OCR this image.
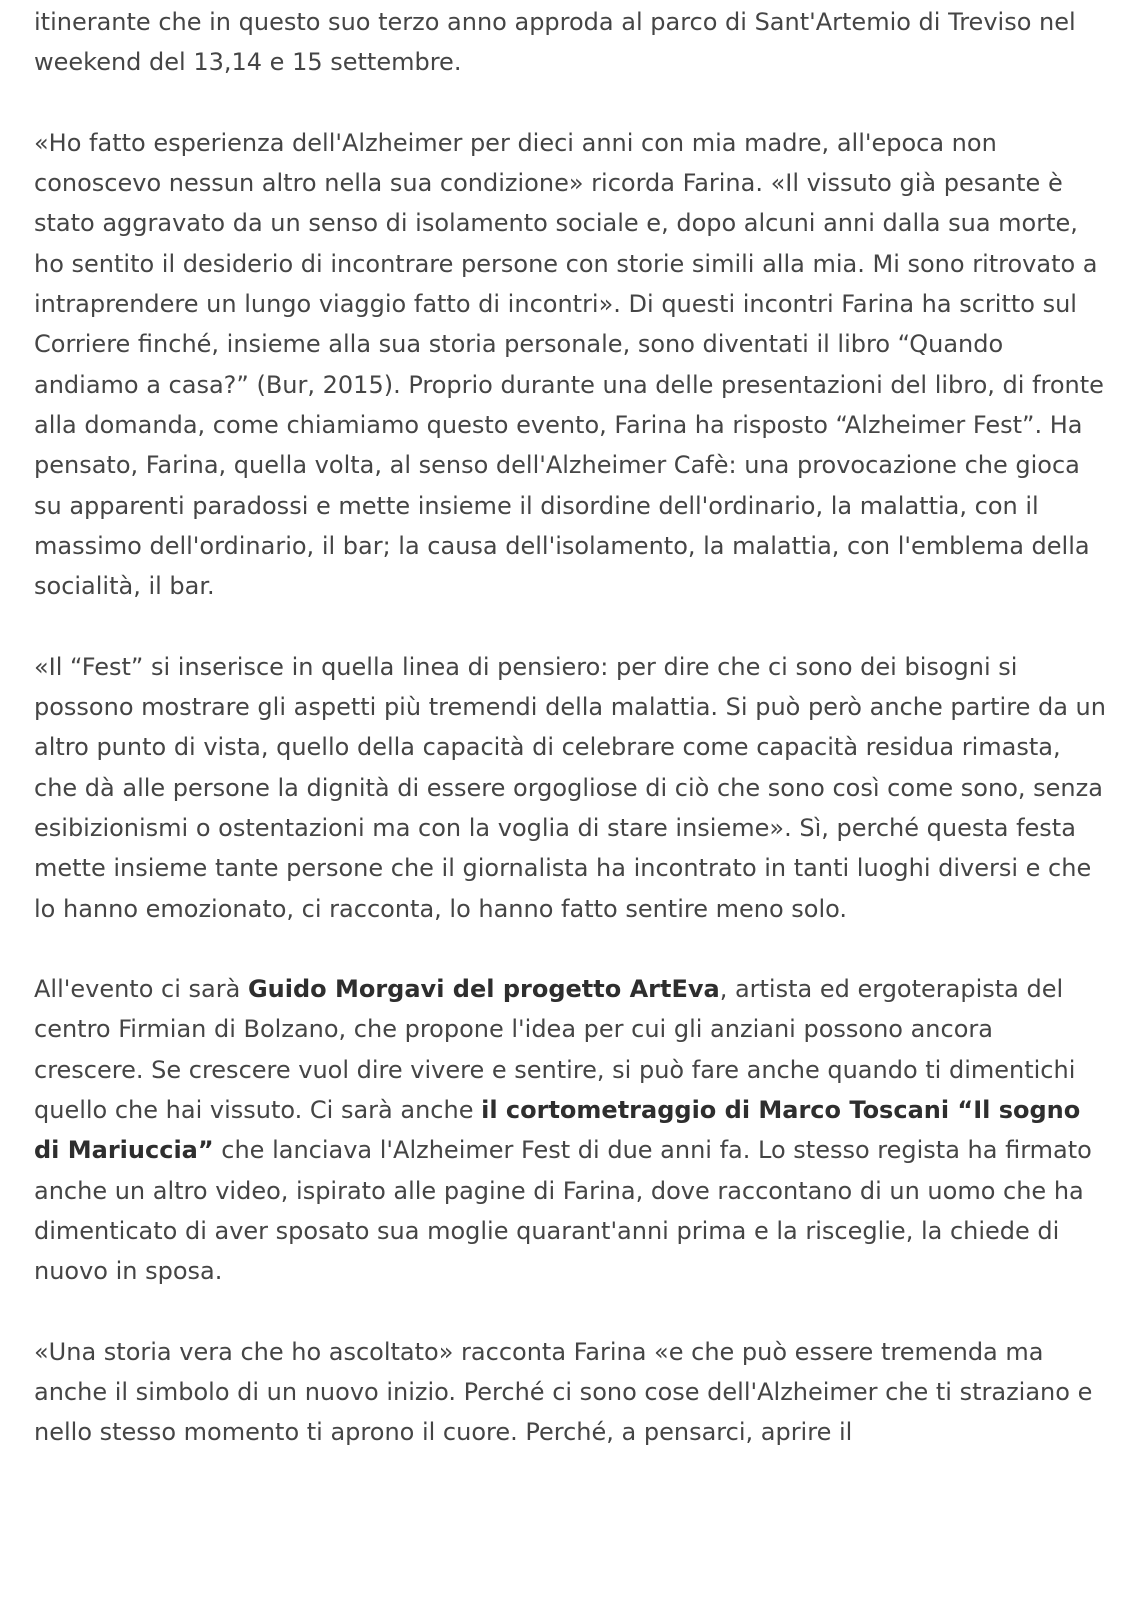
itinerante che in questo suo terzo anno approda al parco di Sant'Artemio di Treviso nel weekend del 13,14 e 15 settembre.

«Ho fatto esperienza dell'Alzheimer per dieci anni con mia madre, all'epoca non conoscevo nessun altro nella sua condizione» ricorda Farina. «Il vissuto già pesante è stato aggravato da un senso di isolamento sociale e, dopo alcuni anni dalla sua morte, ho sentito il desiderio di incontrare persone con storie simili alla mia. Mi sono ritrovato a intraprendere un lungo viaggio fatto di incontri». Di questi incontri Farina ha scritto sul Corriere finché, insieme alla sua storia personale, sono diventati il libro “Quando andiamo a casa?” (Bur, 2015). Proprio durante una delle presentazioni del libro, di fronte alla domanda, come chiamiamo questo evento, Farina ha risposto “Alzheimer Fest”. Ha pensato, Farina, quella volta, al senso dell'Alzheimer Cafè: una provocazione che gioca su apparenti paradossi e mette insieme il disordine dell'ordinario, la malattia, con il massimo dell'ordinario, il bar; la causa dell'isolamento, la malattia, con l'emblema della socialità, il bar.

«Il “Fest” si inserisce in quella linea di pensiero: per dire che ci sono dei bisogni si possono mostrare gli aspetti più tremendi della malattia. Si può però anche partire da un altro punto di vista, quello della capacità di celebrare come capacità residua rimasta, che dà alle persone la dignità di essere orgogliose di ciò che sono così come sono, senza esibizionismi o ostentazioni ma con la voglia di stare insieme». Sì, perché questa festa mette insieme tante persone che il giornalista ha incontrato in tanti luoghi diversi e che lo hanno emozionato, ci racconta, lo hanno fatto sentire meno solo.

All'evento ci sarà Guido Morgavi del progetto ArtEva, artista ed ergoterapista del centro Firmian di Bolzano, che propone l'idea per cui gli anziani possono ancora crescere. Se crescere vuol dire vivere e sentire, si può fare anche quando ti dimentichi quello che hai vissuto. Ci sarà anche il cortometraggio di Marco Toscani “Il sogno di Mariuccia” che lanciava l'Alzheimer Fest di due anni fa. Lo stesso regista ha firmato anche un altro video, ispirato alle pagine di Farina, dove raccontano di un uomo che ha dimenticato di aver sposato sua moglie quarant'anni prima e la risceglie, la chiede di nuovo in sposa.

«Una storia vera che ho ascoltato» racconta Farina «e che può essere tremenda ma anche il simbolo di un nuovo inizio. Perché ci sono cose dell'Alzheimer che ti straziano e nello stesso momento ti aprono il cuore. Perché, a pensarci, aprire il
